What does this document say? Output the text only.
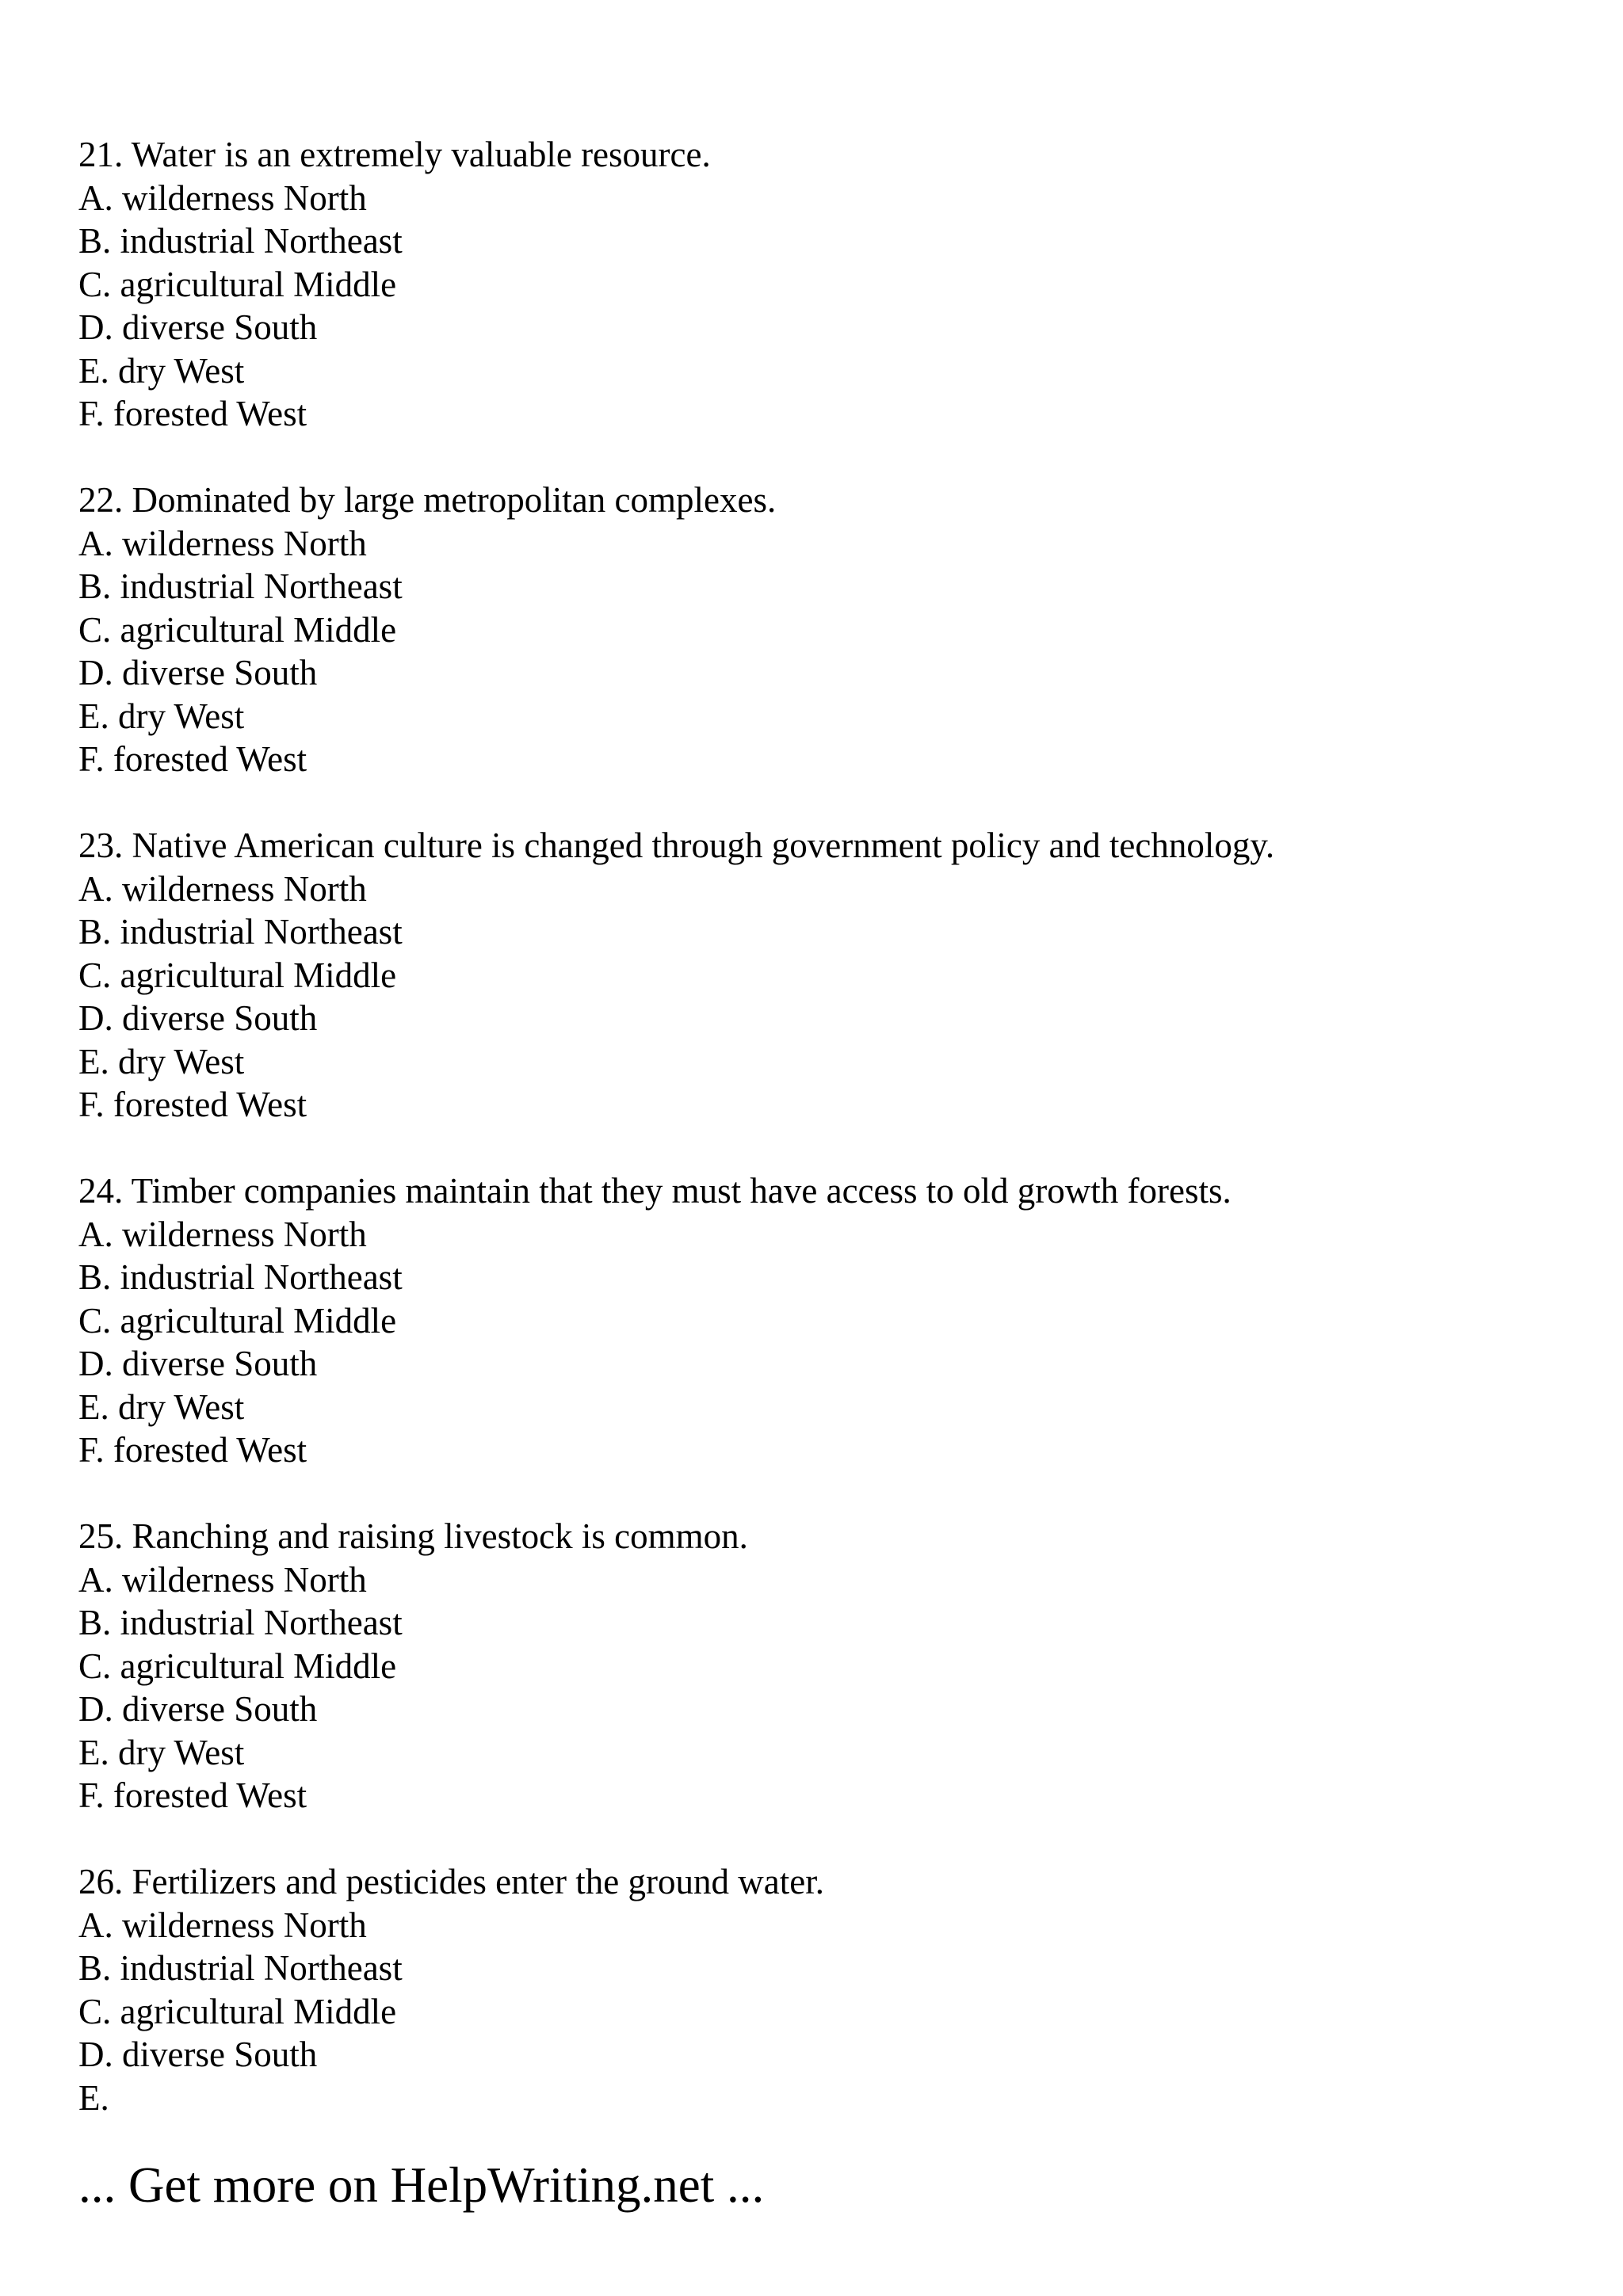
21. Water is an extremely valuable resource.
A. wilderness North
B. industrial Northeast
C. agricultural Middle
D. diverse South
E. dry West
F. forested West
22. Dominated by large metropolitan complexes.
A. wilderness North
B. industrial Northeast
C. agricultural Middle
D. diverse South
E. dry West
F. forested West
23. Native American culture is changed through government policy and technology.
A. wilderness North
B. industrial Northeast
C. agricultural Middle
D. diverse South
E. dry West
F. forested West
24. Timber companies maintain that they must have access to old growth forests.
A. wilderness North
B. industrial Northeast
C. agricultural Middle
D. diverse South
E. dry West
F. forested West
25. Ranching and raising livestock is common.
A. wilderness North
B. industrial Northeast
C. agricultural Middle
D. diverse South
E. dry West
F. forested West
26. Fertilizers and pesticides enter the ground water.
A. wilderness North
B. industrial Northeast
C. agricultural Middle
D. diverse South
E.
... Get more on HelpWriting.net ...
